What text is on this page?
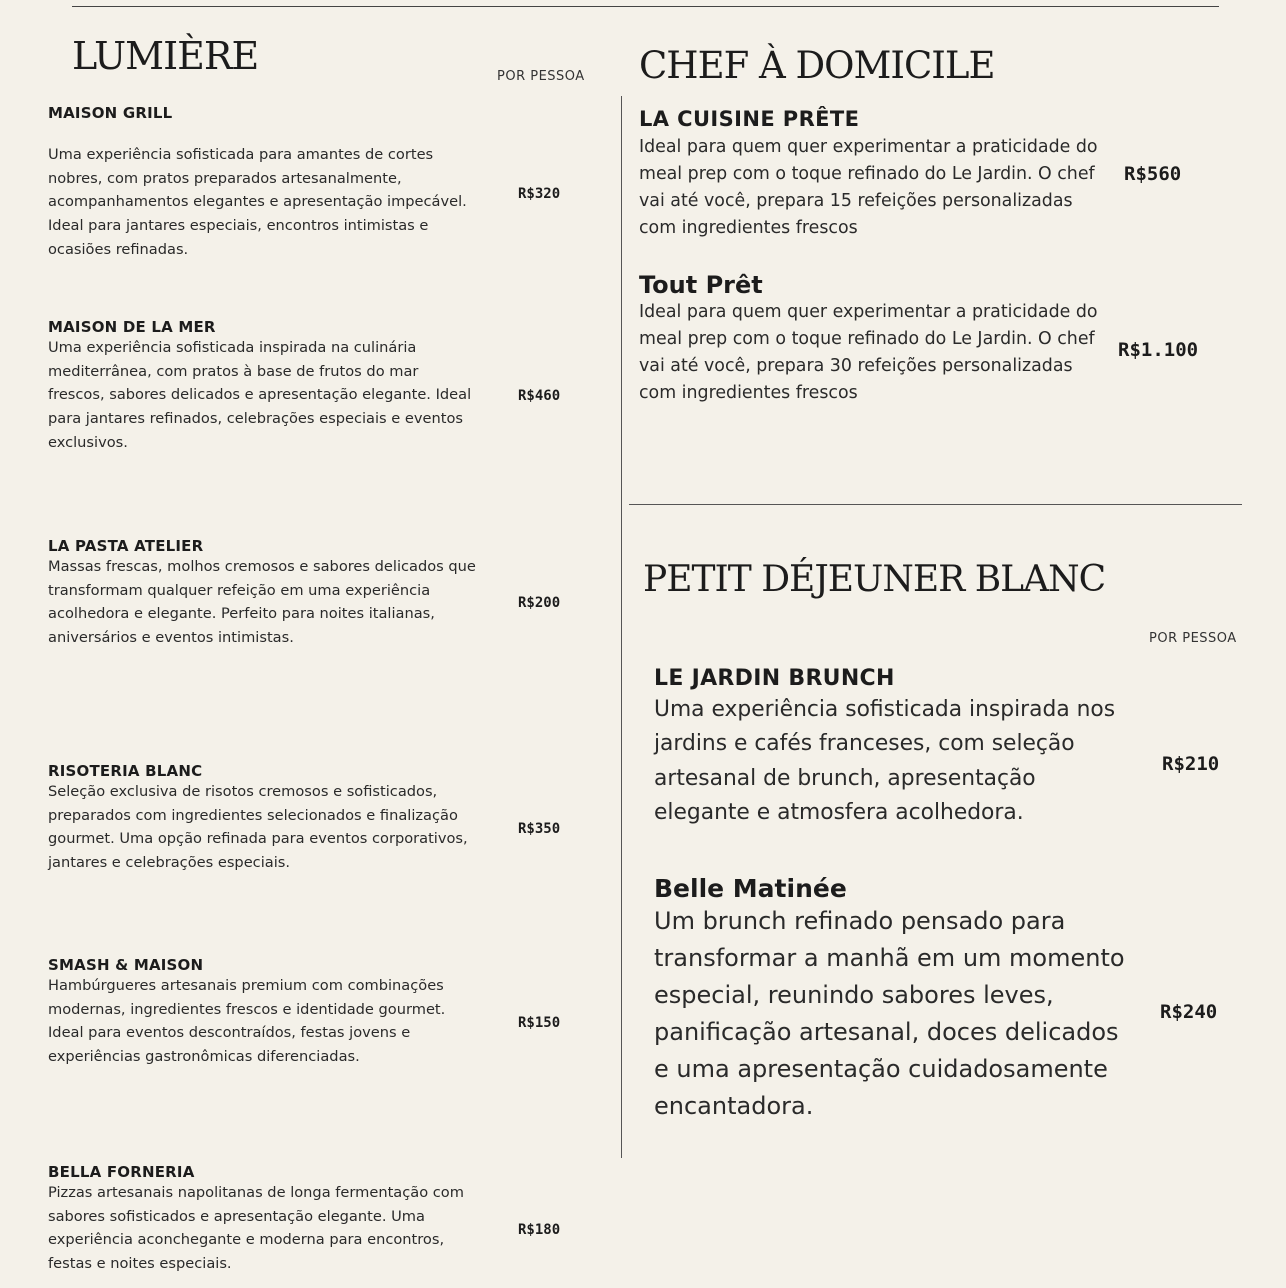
LUMIÈRE	POR PESSOA
MAISON GRILL
Uma experiência sofisticada para amantes de cortes nobres, com pratos preparados artesanalmente, acompanhamentos elegantes e apresentação impecável. Ideal para jantares especiais, encontros intimistas e ocasiões refinadas.
R$320
MAISON DE LA MER
Uma experiência sofisticada inspirada na culinária mediterrânea, com pratos à base de frutos do mar frescos, sabores delicados e apresentação elegante. Ideal para jantares refinados, celebrações especiais e eventos exclusivos.
R$460
LA PASTA ATELIER
Massas frescas, molhos cremosos e sabores delicados que transformam qualquer refeição em uma experiência acolhedora e elegante. Perfeito para noites italianas, aniversários e eventos intimistas.
R$200
RISOTERIA BLANC
Seleção exclusiva de risotos cremosos e sofisticados, preparados com ingredientes selecionados e finalização gourmet. Uma opção refinada para eventos corporativos, jantares e celebrações especiais.
R$350
SMASH & MAISON
Hambúrgueres artesanais premium com combinações modernas, ingredientes frescos e identidade gourmet. Ideal para eventos descontraídos, festas jovens e experiências gastronômicas diferenciadas.
R$150
BELLA FORNERIA
Pizzas artesanais napolitanas de longa fermentação com sabores sofisticados e apresentação elegante. Uma experiência aconchegante e moderna para encontros, festas e noites especiais.
R$180
CHEF À DOMICILE
LA CUISINE PRÊTE
Ideal para quem quer experimentar a praticidade do meal prep com o toque refinado do Le Jardin. O chef vai até você, prepara 15 refeições personalizadas com ingredientes frescos
R$560
Tout Prêt
Ideal para quem quer experimentar a praticidade do meal prep com o toque refinado do Le Jardin. O chef vai até você, prepara 30 refeições personalizadas com ingredientes frescos
R$1.100
PETIT DÉJEUNER BLANC
POR PESSOA
LE JARDIN BRUNCH
Uma experiência sofisticada inspirada nos jardins e cafés franceses, com seleção artesanal de brunch, apresentação elegante e atmosfera acolhedora.
R$210
Belle Matinée
Um brunch refinado pensado para transformar a manhã em um momento especial, reunindo sabores leves, panificação artesanal, doces delicados e uma apresentação cuidadosamente encantadora.
R$240
